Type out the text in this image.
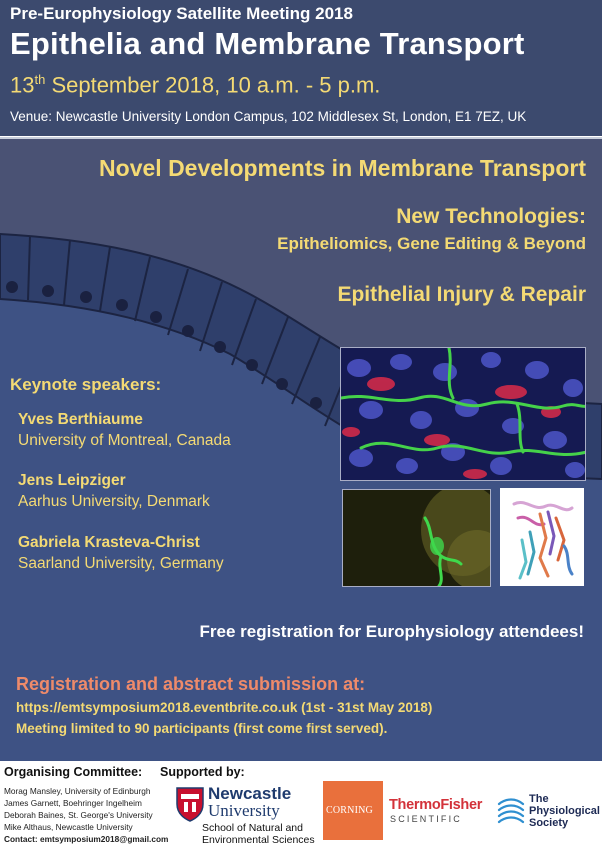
Pre-Europhysiology Satellite Meeting 2018
Epithelia and Membrane Transport
13th September 2018, 10 a.m. - 5 p.m.
Venue: Newcastle University London Campus, 102 Middlesex St, London, E1 7EZ, UK
Novel Developments in Membrane Transport
New Technologies:
Epitheliomics, Gene Editing & Beyond
Epithelial Injury & Repair
Keynote speakers:
Yves Berthiaume
University of Montreal, Canada
Jens Leipziger
Aarhus University, Denmark
Gabriela Krasteva-Christ
Saarland University, Germany
Free registration for Europhysiology attendees!
Registration and abstract submission at:
https://emtsymposium2018.eventbrite.co.uk (1st - 31st May 2018)
Meeting limited to 90 participants (first come first served).
Organising Committee:
Morag Mansley, University of Edinburgh
James Garnett, Boehringer Ingelheim
Deborah Baines, St. George's University
Mike Althaus, Newcastle University
Contact: emtsymposium2018@gmail.com
Supported by:
Newcastle
University
School of Natural and
Environmental Sciences
CORNING ThermoFisher
SCIENTIFIC
The
Physiological
Society
